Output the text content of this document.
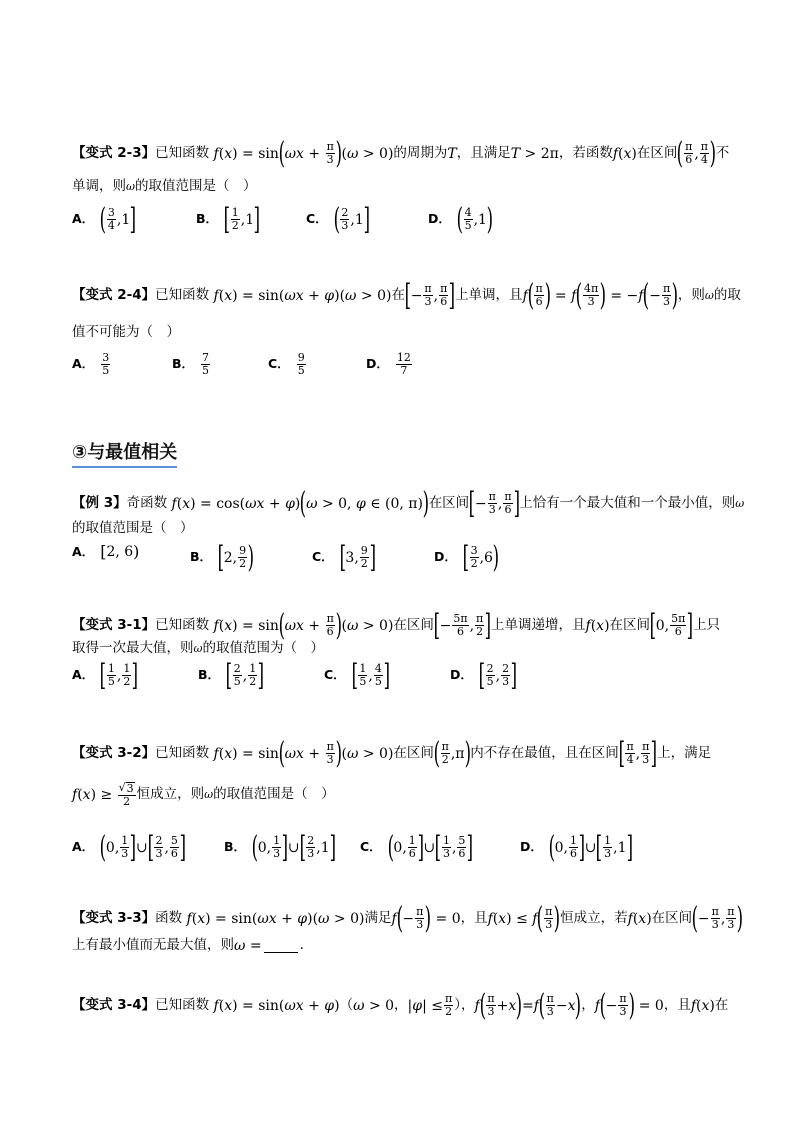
【变式 2-3】 已知函数 f(x) = sin ( $\omega x + \frac{\pi}{3}$ ) (ω > 0) 的周期为 T ，且满足 T > 2π ，若函数 f(x) 在区间 ( $\frac{\pi}{6}$ , $\frac{\pi}{4}$ ) 不
单调，则 ω 的取值范围是（　）
A． ( $\frac{3}{4} ,1$ ]	B． [ $\frac{1}{2} ,1$ ]	C． ( $\frac{2}{3} ,1$ ]	D． ( $\frac{4}{5} ,1$ )
【变式 2-4】 已知函数 f(x) = sin(ωx + φ)(ω > 0) 在 [ − $\frac{\pi}{3}$ , $\frac{\pi}{6}$ ] 上单调，且 f ( $\frac{\pi}{6}$ ) = f ( $\frac{4\pi}{3}$ ) = −f ( − $\frac{\pi}{3}$ ) ，则 ω 的取
值不可能为（　）
A． $\frac{3}{5}$	B． $\frac{7}{5}$	C． $\frac{9}{5}$	D． $\frac{12}{7}$
③与最值相关
【例 3】 奇函数 f(x) = cos(ωx + φ) ( ω > 0, φ ∈ (0, π) ) 在区间 [ − $\frac{\pi}{3}$ , $\frac{\pi}{6}$ ] 上恰有一个最大值和一个最小值，则 ω
的取值范围是（　）
A． [ 2, 6 )	B． [ 2, $\frac{9}{2}$ )	C． [ 3, $\frac{9}{2}$ ]	D． [ $\frac{3}{2} ,6$ )
【变式 3-1】 已知函数 f(x) = sin ( $\omega x + \frac{\pi}{6}$ ) (ω > 0) 在区间 [ − $\frac{5\pi}{6}$ , $\frac{\pi}{2}$ ] 上单调递增，且 f(x) 在区间 [ 0, $\frac{5\pi}{6}$ ] 上只
取得一次最大值，则 ω 的取值范围为（　）
A． [ $\frac{1}{5}$ , $\frac{1}{2}$ ]	B． [ $\frac{2}{5}$ , $\frac{1}{2}$ ]	C． [ $\frac{1}{5}$ , $\frac{4}{5}$ ]	D． [ $\frac{2}{5}$ , $\frac{2}{3}$ ]
【变式 3-2】 已知函数 f(x) = sin ( $\omega x + \frac{\pi}{3}$ ) (ω > 0) 在区间 ( $\frac{\pi}{2} ,\pi$ ) 内不存在最值，且在区间 [ $\frac{\pi}{4}$ , $\frac{\pi}{3}$ ] 上，满足
$f(x) \ge \frac{√ 3}{2}$ 恒成立，则 ω 的取值范围是（　）
A． ( 0, $\frac{1}{3}$ ] ∪ [ $\frac{2}{3}$ , $\frac{5}{6}$ ]	B． ( 0, $\frac{1}{3}$ ] ∪ [ $\frac{2}{3} ,1$ ] C． ( 0, $\frac{1}{6}$ ] ∪ [ $\frac{1}{3}$ , $\frac{5}{6}$ ]	D． ( 0, $\frac{1}{6}$ ] ∪ [ $\frac{1}{3} ,1$ ]
【变式 3-3】 函数 f(x) = sin(ωx + φ)(ω > 0) 满足 f ( − $\frac{\pi}{3}$ ) = 0 ，且 f(x) ≤ f ( $\frac{\pi}{3}$ ) 恒成立，若 f(x) 在区间 ( − $\frac{\pi}{3}$ , $\frac{\pi}{3}$ )
上有最小值而无最大值，则 ω =	．
【变式 3-4】 已知函数 f(x) = sin(ωx + φ) （ ω > 0 ， $|\varphi| \le \frac{\pi}{2}$ ）， f ( $\frac{\pi}{3} +x$ ) =f ( $\frac{\pi}{3} -x$ ) ， f ( − $\frac{\pi}{3}$ ) = 0 ，且 f(x) 在
